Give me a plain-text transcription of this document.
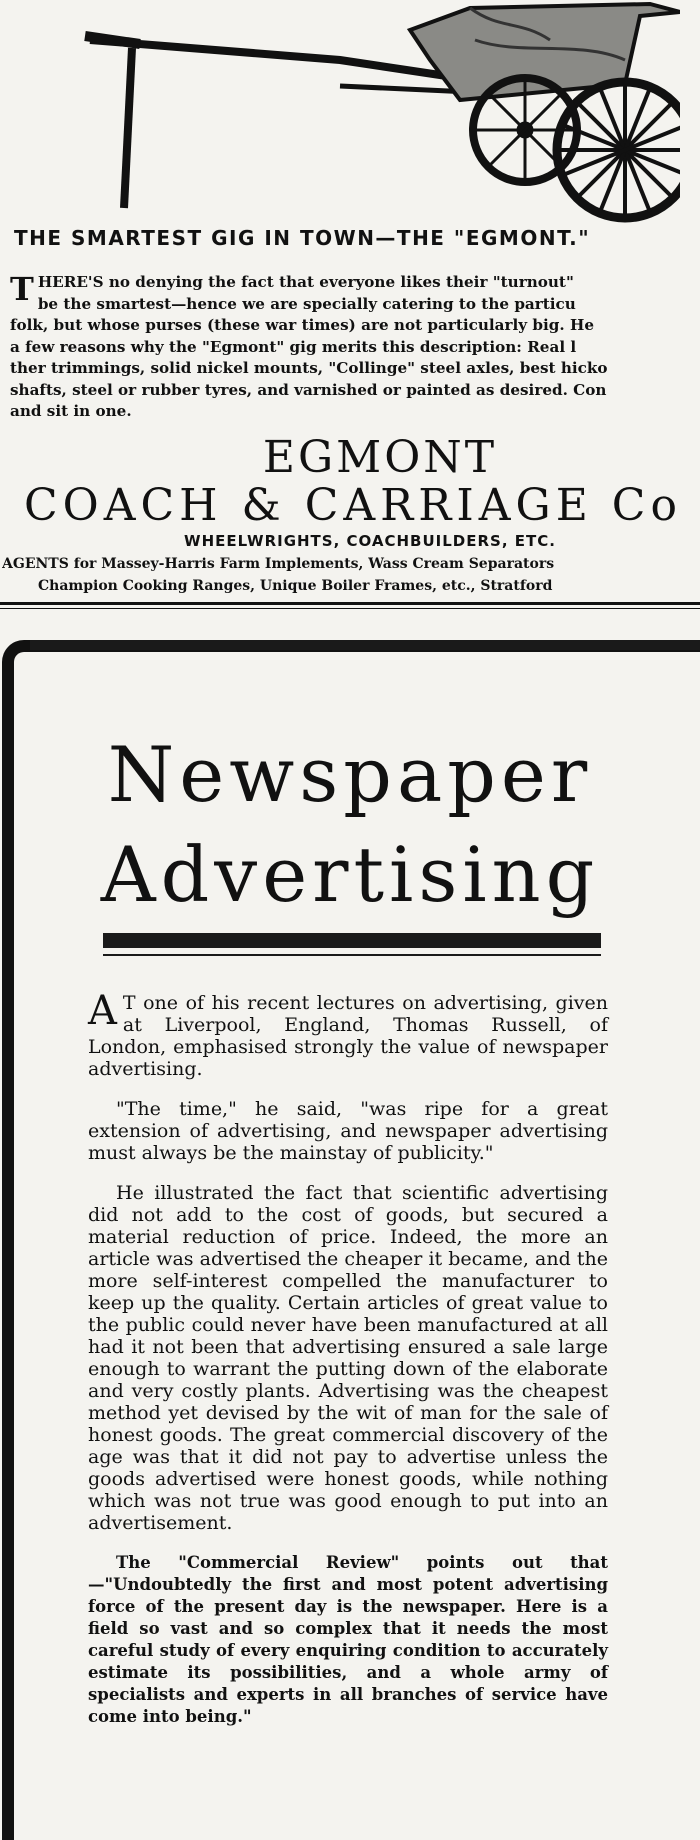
THE SMARTEST GIG IN TOWN—THE "EGMONT."
T HERE'S no denying the fact that everyone likes their "turnout"
be the smartest—hence we are specially catering to the particu
folk, but whose purses (these war times) are not particularly big. He
a few reasons why the "Egmont" gig merits this description: Real l
ther trimmings, solid nickel mounts, "Collinge" steel axles, best hicko
shafts, steel or rubber tyres, and varnished or painted as desired. Con
and sit in one.
EGMONT
COACH & CARRIAGE Co
WHEELWRIGHTS, COACHBUILDERS, ETC.
AGENTS for Massey-Harris Farm Implements, Wass Cream Separators
Champion Cooking Ranges, Unique Boiler Frames, etc., Stratford
Newspaper
Advertising

A T one of his recent lectures on advertising, given at Liverpool, England, Thomas Russell, of London, emphasised strongly the value of newspaper advertising.

"The time," he said, "was ripe for a great extension of advertising, and newspaper advertising must always be the mainstay of publicity."

He illustrated the fact that scientific advertising did not add to the cost of goods, but secured a material reduction of price. Indeed, the more an article was advertised the cheaper it became, and the more self-interest compelled the manufacturer to keep up the quality. Certain articles of great value to the public could never have been manufactured at all had it not been that advertising ensured a sale large enough to warrant the putting down of the elaborate and very costly plants. Advertising was the cheapest method yet devised by the wit of man for the sale of honest goods. The great commercial discovery of the age was that it did not pay to advertise unless the goods advertised were honest goods, while nothing which was not true was good enough to put into an advertisement.

The "Commercial Review" points out that—"Undoubtedly the first and most potent advertising force of the present day is the newspaper. Here is a field so vast and so complex that it needs the most careful study of every enquiring condition to accurately estimate its possibilities, and a whole army of specialists and experts in all branches of service have come into being."
